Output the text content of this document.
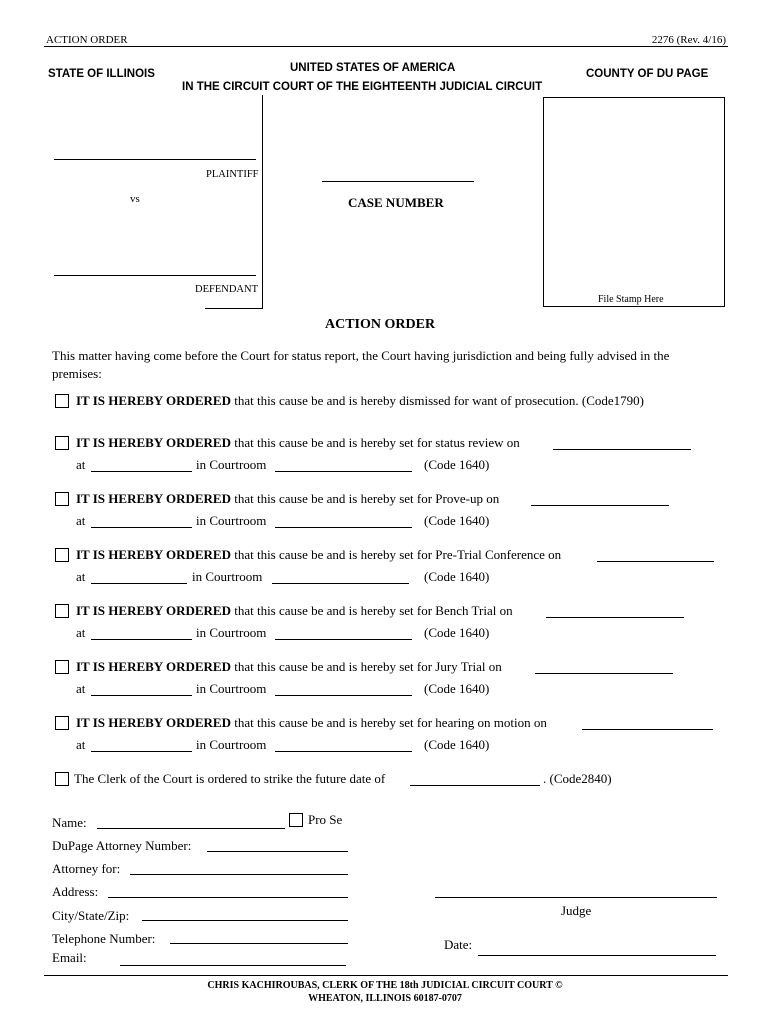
ACTION ORDER	2276 (Rev. 4/16)
STATE OF ILLINOIS	UNITED STATES OF AMERICA	COUNTY OF DU PAGE
IN THE CIRCUIT COURT OF THE EIGHTEENTH JUDICIAL CIRCUIT
PLAINTIFF
vs
DEFENDANT
CASE NUMBER
File Stamp Here
ACTION ORDER
This matter having come before the Court for status report, the Court having jurisdiction and being fully advised in the
premises:
IT IS HEREBY ORDERED that this cause be and is hereby dismissed for want of prosecution. (Code1790)
IT IS HEREBY ORDERED that this cause be and is hereby set for status review on
at	in Courtroom	(Code 1640)
IT IS HEREBY ORDERED that this cause be and is hereby set for Prove-up on
at	in Courtroom	(Code 1640)
IT IS HEREBY ORDERED that this cause be and is hereby set for Pre-Trial Conference on
at	in Courtroom	(Code 1640)
IT IS HEREBY ORDERED that this cause be and is hereby set for Bench Trial on
at	in Courtroom	(Code 1640)
IT IS HEREBY ORDERED that this cause be and is hereby set for Jury Trial on
at	in Courtroom	(Code 1640)
IT IS HEREBY ORDERED that this cause be and is hereby set for hearing on motion on
at	in Courtroom	(Code 1640)
The Clerk of the Court is ordered to strike the future date of	. (Code2840)
Name:	Pro Se
DuPage Attorney Number:
Attorney for:
Address:
City/State/Zip:
Telephone Number:
Email:
Judge
Date:
CHRIS KACHIROUBAS, CLERK OF THE 18th JUDICIAL CIRCUIT COURT ©
WHEATON, ILLINOIS 60187-0707
